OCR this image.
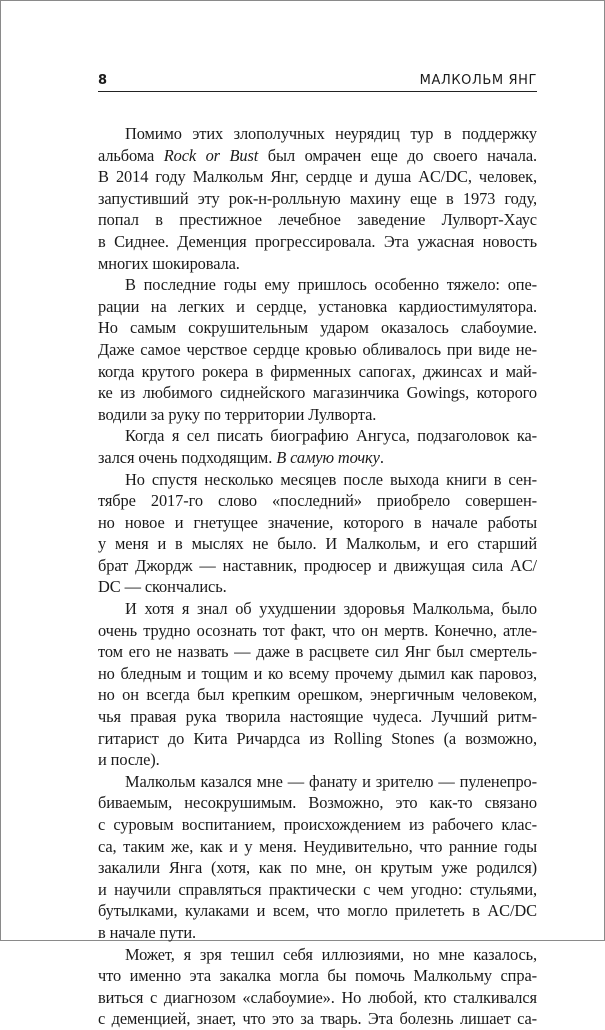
8	МАЛКОЛЬМ ЯНГ
Помимо этих злополучных неурядиц тур в поддержку
альбома Rock or Bust был омрачен еще до своего начала.
В 2014 году Малкольм Янг, сердце и душа AC/DC, человек,
запустивший эту рок-н-ролльную махину еще в 1973 году,
попал в престижное лечебное заведение Лулворт-Хаус
в Сиднее. Деменция прогрессировала. Эта ужасная новость
многих шокировала.
В последние годы ему пришлось особенно тяжело: опе-
рации на легких и сердце, установка кардиостимулятора.
Но самым сокрушительным ударом оказалось слабоумие.
Даже самое черствое сердце кровью обливалось при виде не-
когда крутого рокера в фирменных сапогах, джинсах и май-
ке из любимого сиднейского магазинчика Gowings, которого
водили за руку по территории Лулворта.
Когда я сел писать биографию Ангуса, подзаголовок ка-
зался очень подходящим. В самую точку.
Но спустя несколько месяцев после выхода книги в сен-
тябре 2017-го слово «последний» приобрело совершен-
но новое и гнетущее значение, которого в начале работы
у меня и в мыслях не было. И Малкольм, и его старший
брат Джордж — наставник, продюсер и движущая сила AC/
DC — скончались.
И хотя я знал об ухудшении здоровья Малкольма, было
очень трудно осознать тот факт, что он мертв. Конечно, атле-
том его не назвать — даже в расцвете сил Янг был смертель-
но бледным и тощим и ко всему прочему дымил как паровоз,
но он всегда был крепким орешком, энергичным человеком,
чья правая рука творила настоящие чудеса. Лучший ритм-
гитарист до Кита Ричардса из Rolling Stones (а возможно,
и после).
Малкольм казался мне — фанату и зрителю — пуленепро-
биваемым, несокрушимым. Возможно, это как-то связано
с суровым воспитанием, происхождением из рабочего клас-
са, таким же, как и у меня. Неудивительно, что ранние годы
закалили Янга (хотя, как по мне, он крутым уже родился)
и научили справляться практически с чем угодно: стульями,
бутылками, кулаками и всем, что могло прилететь в AC/DC
в начале пути.
Может, я зря тешил себя иллюзиями, но мне казалось,
что именно эта закалка могла бы помочь Малкольму спра-
виться с диагнозом «слабоумие». Но любой, кто сталкивался
с деменцией, знает, что это за тварь. Эта болезнь лишает са-
